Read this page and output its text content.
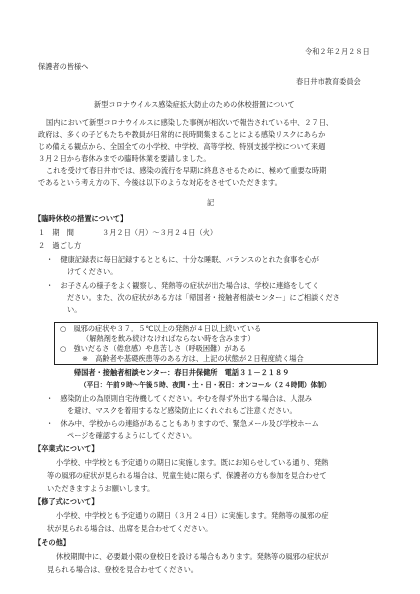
令和２年２月２８日
保護者の皆様へ
春日井市教育委員会
新型コロナウイルス感染症拡大防止のための休校措置について
国内において新型コロナウイルスに感染した事例が相次いで報告されている中、２７日、
政府は、多くの子どもたちや教員が日常的に長時間集まることによる感染リスクにあらか
じめ備える観点から、全国全ての小学校、中学校、高等学校、特別支援学校について来週
３月２日から春休みまでの臨時休業を要請しました。
これを受けて春日井市では、感染の流行を早期に終息させるために、極めて重要な時期
であるという考え方の下、今後は以下のような対応をさせていただきます。
記
【臨時休校の措置について】
１　期　間	３月２日（月）～３月２４日（火）
２　過ごし方
・　健康記録表に毎日記録するとともに、十分な睡眠、バランスのとれた食事を心が
けてください。
・　お子さんの様子をよく観察し、発熱等の症状が出た場合は、学校に連絡をしてく
ださい。また、次の症状がある方は「帰国者・接触者相談センター」にご相談くださ
い。
○　風邪の症状や３７．５℃以上の発熱が４日以上続いている
（解熱剤を飲み続けなければならない時を含みます）
○　強いだるさ（倦怠感）や息苦しさ（呼吸困難）がある
※　高齢者や基礎疾患等のある方は、上記の状態が２日程度続く場合
帰国者・接触者相談センター：春日井保健所　電話３１－２１８９
（平日：午前９時～午後５時、夜間・土・日・祝日：オンコール（２４時間）体制）
・　感染防止の為原則自宅待機してください。やむを得ず外出する場合は、人混み
を避け、マスクを着用するなど感染防止にくれぐれもご注意ください。
・　休み中、学校からの連絡があることもありますので、緊急メール及び学校ホーム
ページを確認するようにしてください。
【卒業式について】
小学校、中学校とも予定通りの期日に実施します。既にお知らせしている通り、発熱
等の風邪の症状が見られる場合は、児童生徒に限らず、保護者の方も参加を見合わせて
いただきますようお願いします。
【修了式について】
小学校、中学校とも予定通りの期日（３月２４日）に実施します。発熱等の風邪の症
状が見られる場合は、出席を見合わせてください。
【その他】
休校期間中に、必要最小限の登校日を設ける場合もあります。発熱等の風邪の症状が
見られる場合は、登校を見合わせてください。
